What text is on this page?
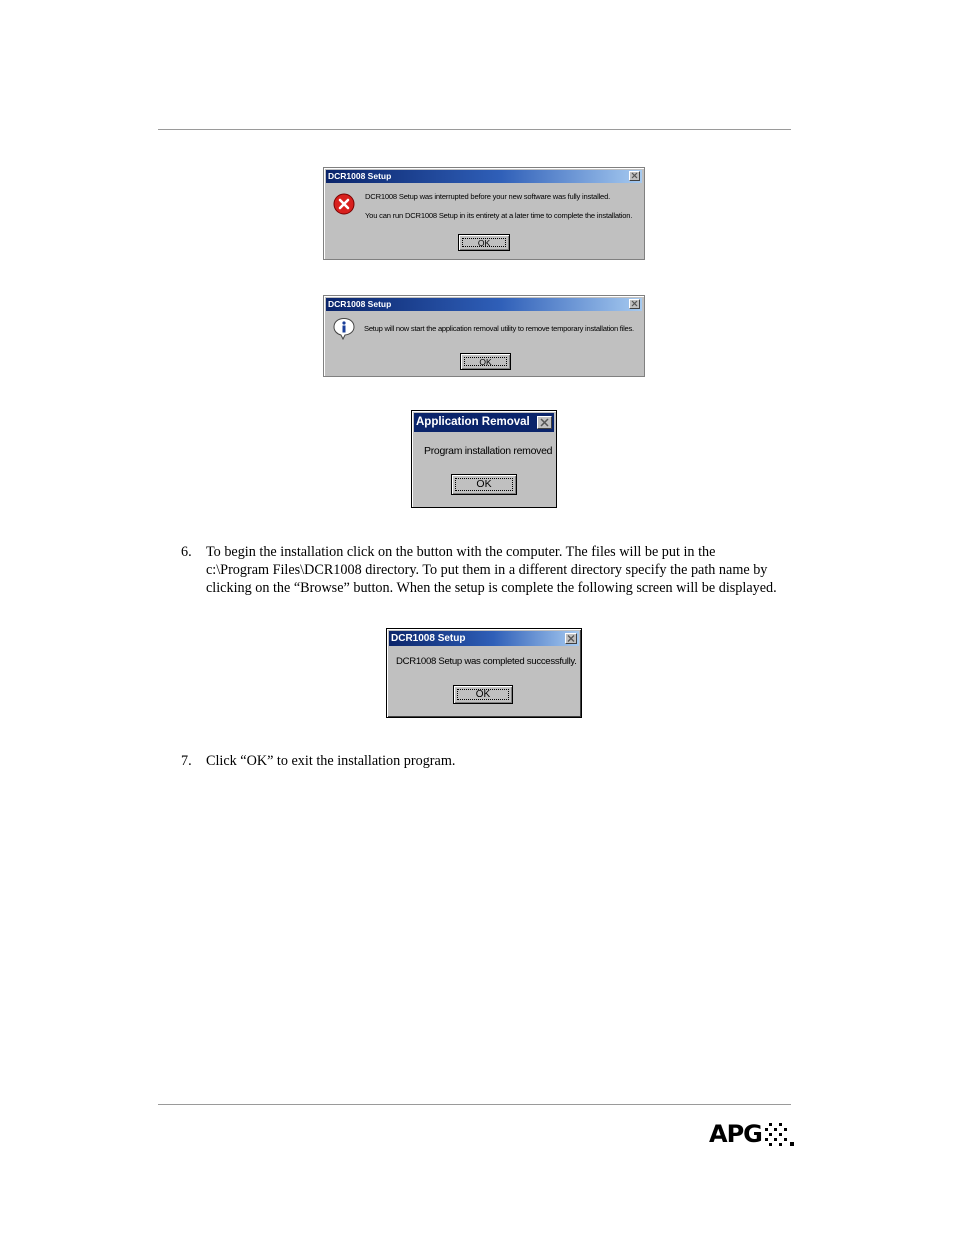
DCR1008 Setup
DCR1008 Setup was interrupted before your new software was fully installed.
You can run DCR1008 Setup in its entirety at a later time to complete the installation.
OK
DCR1008 Setup
Setup will now start the application removal utility to remove temporary installation files.
OK
Application Removal
Program installation removed
OK
6. To begin the installation click on the button with the computer. The files will be put in the
c:\Program Files\DCR1008 directory. To put them in a different directory specify the path name by
clicking on the “Browse” button. When the setup is complete the following screen will be displayed.
DCR1008 Setup
DCR1008 Setup was completed successfully.
OK
7. Click “OK” to exit the installation program.
APG
